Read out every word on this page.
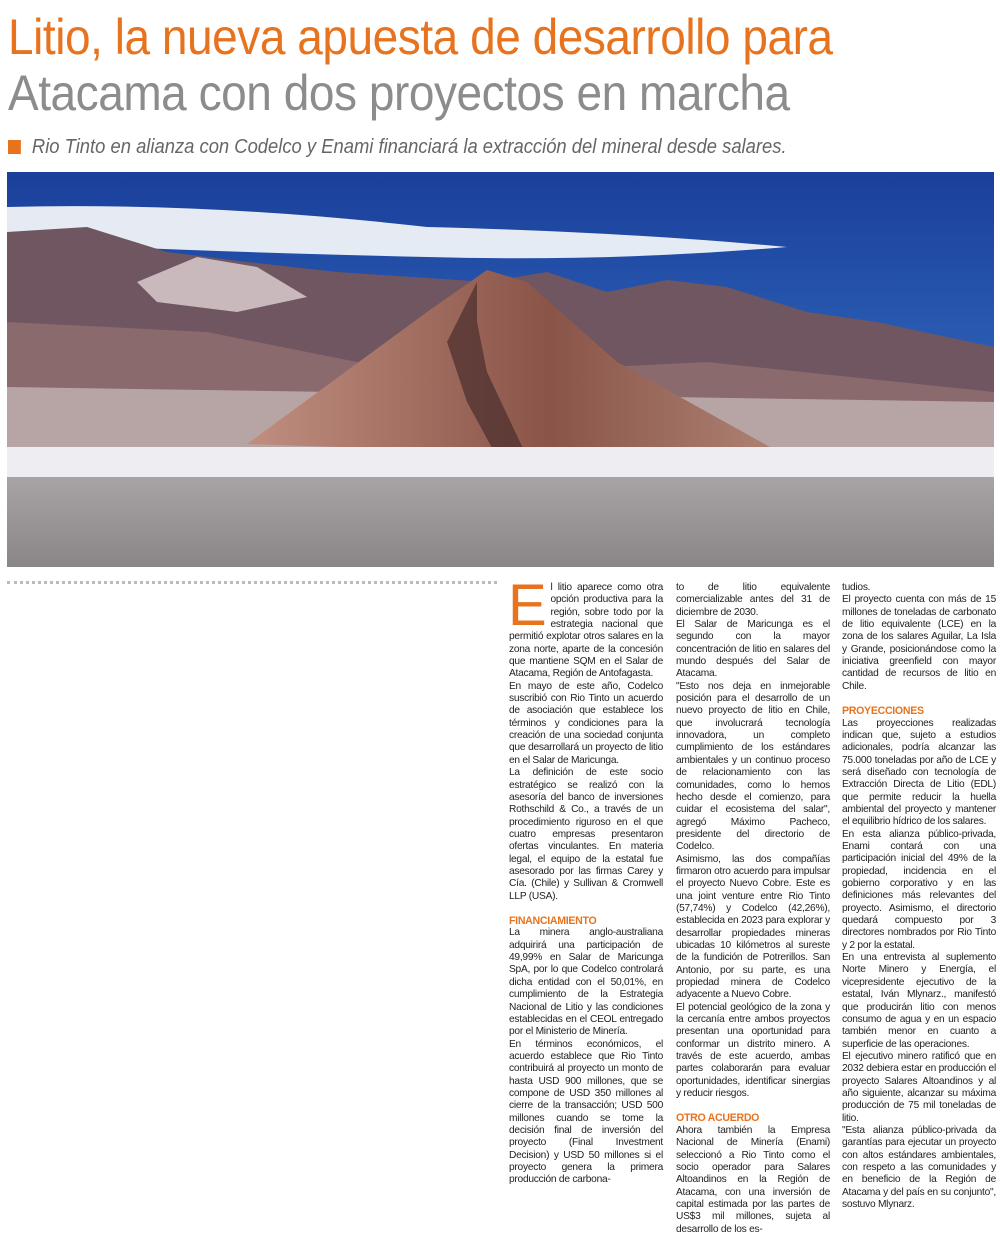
Litio, la nueva apuesta de desarrollo para
Atacama con dos proyectos en marcha
Rio Tinto en alianza con Codelco y Enami financiará la extracción del mineral desde salares.

El litio aparece como otra opción productiva para la región, sobre todo por la estrategia nacional que permitió explotar otros salares en la zona norte, aparte de la concesión que mantiene SQM en el Salar de Atacama, Región de Antofagasta.

En mayo de este año, Codelco suscribió con Rio Tinto un acuerdo de asociación que establece los términos y condiciones para la creación de una sociedad conjunta que desarrollará un proyecto de litio en el Salar de Maricunga.

La definición de este socio estratégico se realizó con la asesoría del banco de inversiones Rothschild & Co., a través de un procedimiento riguroso en el que cuatro empresas presentaron ofertas vinculantes. En materia legal, el equipo de la estatal fue asesorado por las firmas Carey y Cía. (Chile) y Sullivan & Cromwell LLP (USA).

FINANCIAMIENTO

La minera anglo-australiana adquirirá una participación de 49,99% en Salar de Maricunga SpA, por lo que Codelco controlará dicha entidad con el 50,01%, en cumplimiento de la Estrategia Nacional de Litio y las condiciones establecidas en el CEOL entregado por el Ministerio de Minería.

En términos económicos, el acuerdo establece que Rio Tinto contribuirá al proyecto un monto de hasta USD 900 millones, que se compone de USD 350 millones al cierre de la transacción; USD 500 millones cuando se tome la decisión final de inversión del proyecto (Final Investment Decision) y USD 50 millones si el proyecto genera la primera producción de carbona-

to de litio equivalente comercializable antes del 31 de diciembre de 2030.

El Salar de Maricunga es el segundo con la mayor concentración de litio en salares del mundo después del Salar de Atacama.

"Esto nos deja en inmejorable posición para el desarrollo de un nuevo proyecto de litio en Chile, que involucrará tecnología innovadora, un completo cumplimiento de los estándares ambientales y un continuo proceso de relacionamiento con las comunidades, como lo hemos hecho desde el comienzo, para cuidar el ecosistema del salar", agregó Máximo Pacheco, presidente del directorio de Codelco.

Asimismo, las dos compañías firmaron otro acuerdo para impulsar el proyecto Nuevo Cobre. Este es una joint venture entre Rio Tinto (57,74%) y Codelco (42,26%), establecida en 2023 para explorar y desarrollar propiedades mineras ubicadas 10 kilómetros al sureste de la fundición de Potrerillos. San Antonio, por su parte, es una propiedad minera de Codelco adyacente a Nuevo Cobre.

El potencial geológico de la zona y la cercanía entre ambos proyectos presentan una oportunidad para conformar un distrito minero. A través de este acuerdo, ambas partes colaborarán para evaluar oportunidades, identificar sinergias y reducir riesgos.

OTRO ACUERDO

Ahora también la Empresa Nacional de Minería (Enami) seleccionó a Rio Tinto como el socio operador para Salares Altoandinos en la Región de Atacama, con una inversión de capital estimada por las partes de US$3 mil millones, sujeta al desarrollo de los es-

tudios.

El proyecto cuenta con más de 15 millones de toneladas de carbonato de litio equivalente (LCE) en la zona de los salares Aguilar, La Isla y Grande, posicionándose como la iniciativa greenfield con mayor cantidad de recursos de litio en Chile.

PROYECCIONES

Las proyecciones realizadas indican que, sujeto a estudios adicionales, podría alcanzar las 75.000 toneladas por año de LCE y será diseñado con tecnología de Extracción Directa de Litio (EDL) que permite reducir la huella ambiental del proyecto y mantener el equilibrio hídrico de los salares.

En esta alianza público-privada, Enami contará con una participación inicial del 49% de la propiedad, incidencia en el gobierno corporativo y en las definiciones más relevantes del proyecto. Asimismo, el directorio quedará compuesto por 3 directores nombrados por Rio Tinto y 2 por la estatal.

En una entrevista al suplemento Norte Minero y Energía, el vicepresidente ejecutivo de la estatal, Iván Mlynarz., manifestó que producirán litio con menos consumo de agua y en un espacio también menor en cuanto a superficie de las operaciones.

El ejecutivo minero ratificó que en 2032 debiera estar en producción el proyecto Salares Altoandinos y al año siguiente, alcanzar su máxima producción de 75 mil toneladas de litio.

"Esta alianza público-privada da garantías para ejecutar un proyecto con altos estándares ambientales, con respeto a las comunidades y en beneficio de la Región de Atacama y del país en su conjunto", sostuvo Mlynarz.
